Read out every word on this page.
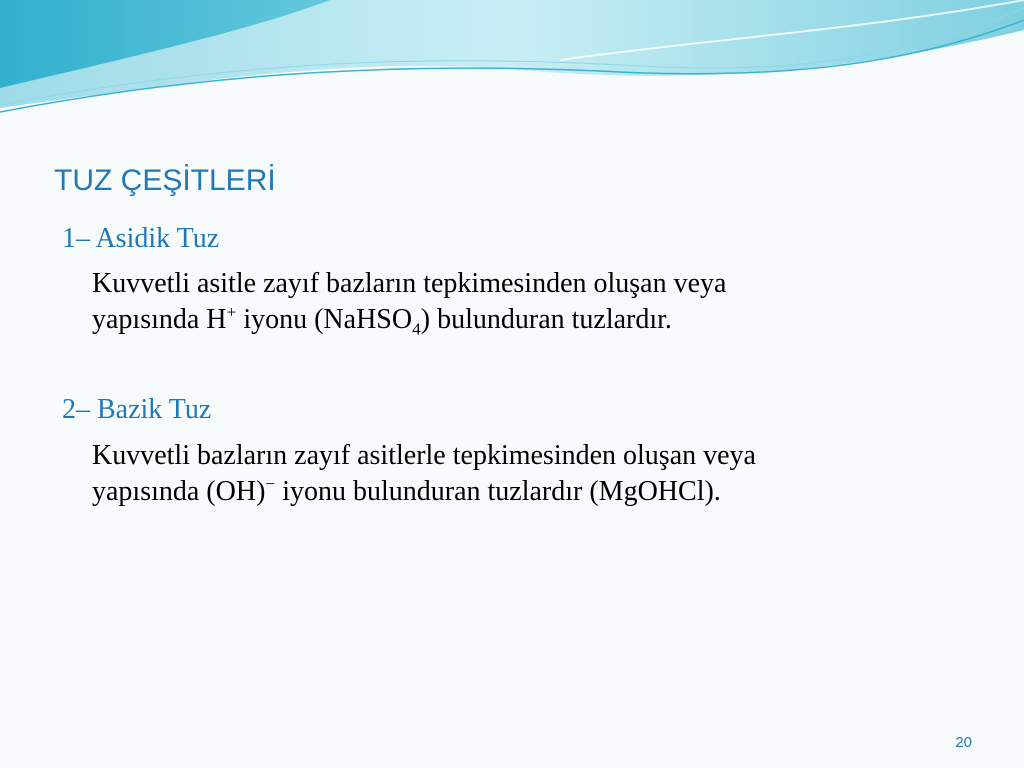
TUZ ÇEŞİTLERİ
1– Asidik Tuz

Kuvvetli asitle zayıf bazların tepkimesinden oluşan veya
yapısında H+ iyonu (NaHSO$_4$) bulunduran tuzlardır.

2– Bazik Tuz

Kuvvetli bazların zayıf asitlerle tepkimesinden oluşan veya
yapısında (OH)− iyonu bulunduran tuzlardır (MgOHCl).

20
